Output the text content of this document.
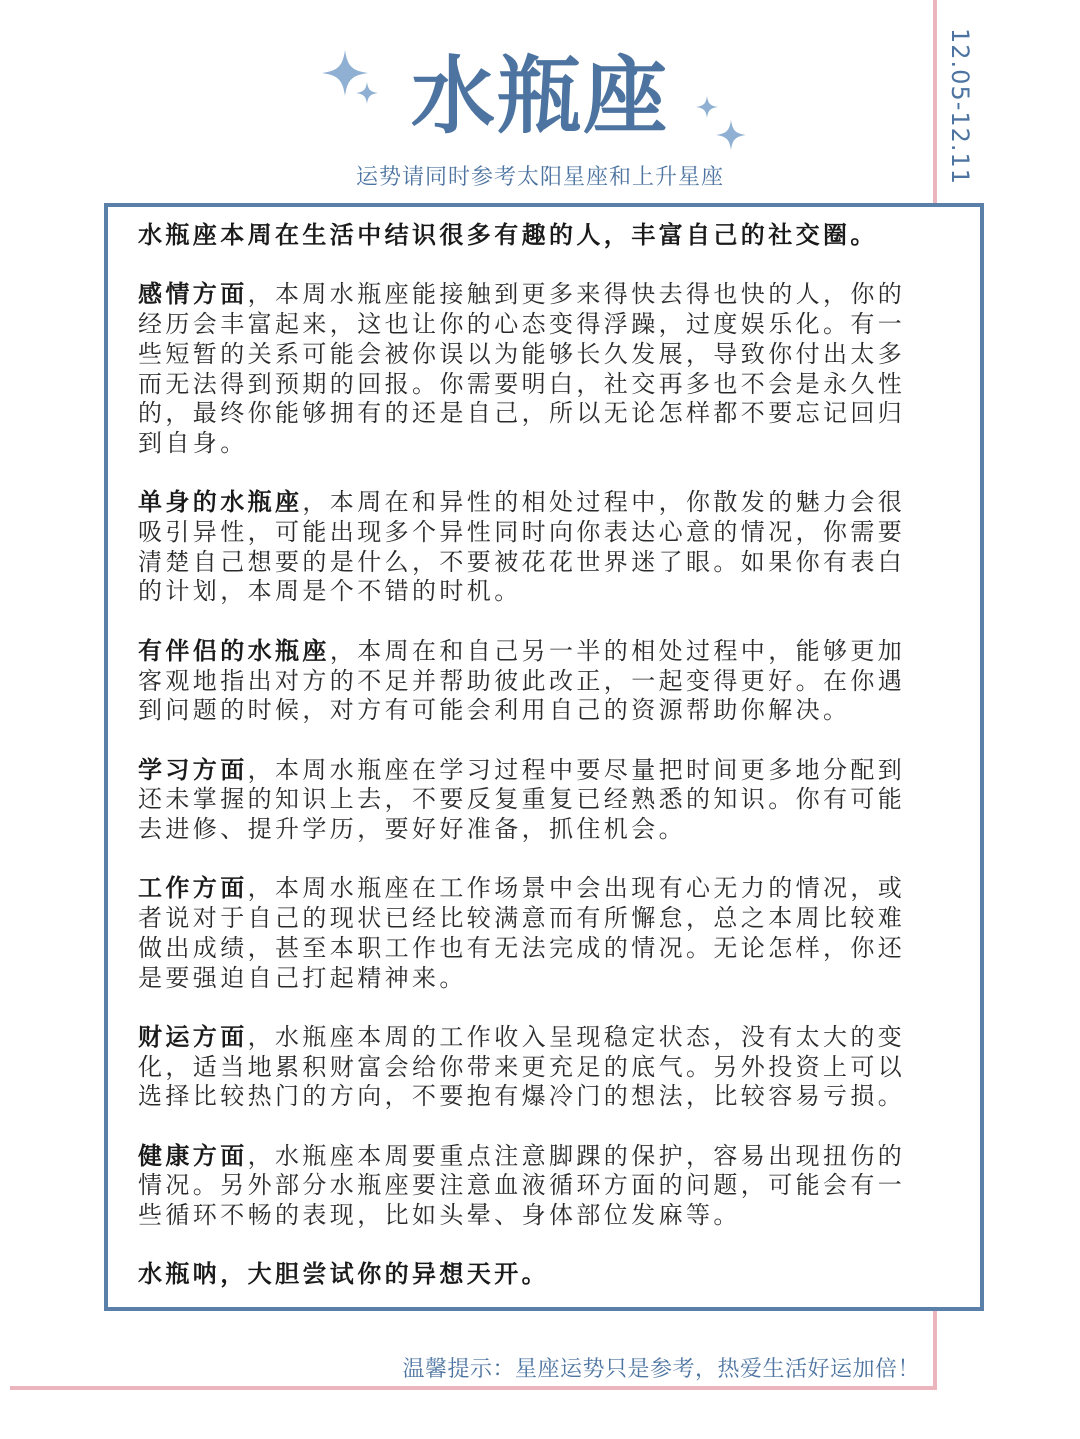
12.05-12.11
水瓶座
运势请同时参考太阳星座和上升星座

水瓶座本周在生活中结识很多有趣的人，丰富自己的社交圈。

感情方面，本周水瓶座能接触到更多来得快去得也快的人，你的经历会丰富起来，这也让你的心态变得浮躁，过度娱乐化。有一些短暂的关系可能会被你误以为能够长久发展，导致你付出太多而无法得到预期的回报。你需要明白，社交再多也不会是永久性的，最终你能够拥有的还是自己，所以无论怎样都不要忘记回归到自身。

单身的水瓶座，本周在和异性的相处过程中，你散发的魅力会很吸引异性，可能出现多个异性同时向你表达心意的情况，你需要清楚自己想要的是什么，不要被花花世界迷了眼。如果你有表白的计划，本周是个不错的时机。

有伴侣的水瓶座，本周在和自己另一半的相处过程中，能够更加客观地指出对方的不足并帮助彼此改正，一起变得更好。在你遇到问题的时候，对方有可能会利用自己的资源帮助你解决。

学习方面，本周水瓶座在学习过程中要尽量把时间更多地分配到还未掌握的知识上去，不要反复重复已经熟悉的知识。你有可能去进修、提升学历，要好好准备，抓住机会。

工作方面，本周水瓶座在工作场景中会出现有心无力的情况，或者说对于自己的现状已经比较满意而有所懈怠，总之本周比较难做出成绩，甚至本职工作也有无法完成的情况。无论怎样，你还是要强迫自己打起精神来。

财运方面，水瓶座本周的工作收入呈现稳定状态，没有太大的变化，适当地累积财富会给你带来更充足的底气。另外投资上可以选择比较热门的方向，不要抱有爆冷门的想法，比较容易亏损。

健康方面，水瓶座本周要重点注意脚踝的保护，容易出现扭伤的情况。另外部分水瓶座要注意血液循环方面的问题，可能会有一些循环不畅的表现，比如头晕、身体部位发麻等。

水瓶呐，大胆尝试你的异想天开。

温馨提示：星座运势只是参考，热爱生活好运加倍！
